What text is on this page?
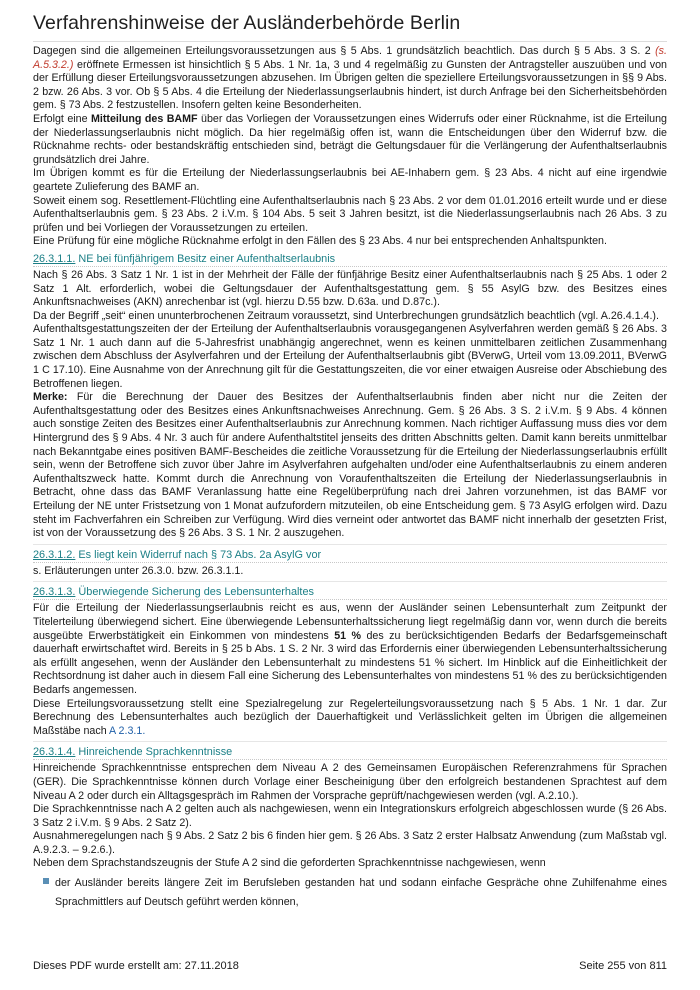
Verfahrenshinweise der Ausländerbehörde Berlin

Dagegen sind die allgemeinen Erteilungsvoraussetzungen aus § 5 Abs. 1 grundsätzlich beachtlich. Das durch § 5 Abs. 3 S. 2 (s. A.5.3.2.) eröffnete Ermessen ist hinsichtlich § 5 Abs. 1 Nr. 1a, 3 und 4 regelmäßig zu Gunsten der Antragsteller auszuüben und von der Erfüllung dieser Erteilungsvoraussetzungen abzusehen. Im Übrigen gelten die speziellere Erteilungsvoraussetzungen in §§ 9 Abs. 2 bzw. 26 Abs. 3 vor. Ob § 5 Abs. 4 die Erteilung der Niederlassungserlaubnis hindert, ist durch Anfrage bei den Sicherheitsbehörden gem. § 73 Abs. 2 festzustellen. Insofern gelten keine Besonderheiten.

Erfolgt eine Mitteilung des BAMF über das Vorliegen der Voraussetzungen eines Widerrufs oder einer Rücknahme, ist die Erteilung der Niederlassungserlaubnis nicht möglich. Da hier regelmäßig offen ist, wann die Entscheidungen über den Widerruf bzw. die Rücknahme rechts- oder bestandskräftig entschieden sind, beträgt die Geltungsdauer für die Verlängerung der Aufenthaltserlaubnis grundsätzlich drei Jahre.

Im Übrigen kommt es für die Erteilung der Niederlassungserlaubnis bei AE-Inhabern gem. § 23 Abs. 4 nicht auf eine irgendwie geartete Zulieferung des BAMF an.

Soweit einem sog. Resettlement-Flüchtling eine Aufenthaltserlaubnis nach § 23 Abs. 2 vor dem 01.01.2016 erteilt wurde und er diese Aufenthaltserlaubnis gem. § 23 Abs. 2 i.V.m. § 104 Abs. 5 seit 3 Jahren besitzt, ist die Niederlassungserlaubnis nach 26 Abs. 3 zu prüfen und bei Vorliegen der Voraussetzungen zu erteilen.

Eine Prüfung für eine mögliche Rücknahme erfolgt in den Fällen des § 23 Abs. 4 nur bei entsprechenden Anhaltspunkten.

26.3.1.1. NE bei fünfjährigem Besitz einer Aufenthaltserlaubnis

Nach § 26 Abs. 3 Satz 1 Nr. 1 ist in der Mehrheit der Fälle der fünfjährige Besitz einer Aufenthaltserlaubnis nach § 25 Abs. 1 oder 2 Satz 1 Alt. erforderlich, wobei die Geltungsdauer der Aufenthaltsgestattung gem. § 55 AsylG bzw. des Besitzes eines Ankunftsnachweises (AKN) anrechenbar ist (vgl. hierzu D.55 bzw. D.63a. und D.87c.).

Da der Begriff „seit“ einen ununterbrochenen Zeitraum voraussetzt, sind Unterbrechungen grundsätzlich beachtlich (vgl. A.26.4.1.4.).

Aufenthaltsgestattungszeiten der der Erteilung der Aufenthaltserlaubnis vorausgegangenen Asylverfahren werden gemäß § 26 Abs. 3 Satz 1 Nr. 1 auch dann auf die 5-Jahresfrist unabhängig angerechnet, wenn es keinen unmittelbaren zeitlichen Zusammenhang zwischen dem Abschluss der Asylverfahren und der Erteilung der Aufenthaltserlaubnis gibt (BVerwG, Urteil vom 13.09.2011, BVerwG 1 C 17.10). Eine Ausnahme von der Anrechnung gilt für die Gestattungszeiten, die vor einer etwaigen Ausreise oder Abschiebung des Betroffenen liegen.

Merke: Für die Berechnung der Dauer des Besitzes der Aufenthaltserlaubnis finden aber nicht nur die Zeiten der Aufenthaltsgestattung oder des Besitzes eines Ankunftsnachweises Anrechnung. Gem. § 26 Abs. 3 S. 2 i.V.m. § 9 Abs. 4 können auch sonstige Zeiten des Besitzes einer Aufenthaltserlaubnis zur Anrechnung kommen. Nach richtiger Auffassung muss dies vor dem Hintergrund des § 9 Abs. 4 Nr. 3 auch für andere Aufenthaltstitel jenseits des dritten Abschnitts gelten. Damit kann bereits unmittelbar nach Bekanntgabe eines positiven BAMF-Bescheides die zeitliche Voraussetzung für die Erteilung der Niederlassungserlaubnis erfüllt sein, wenn der Betroffene sich zuvor über Jahre im Asylverfahren aufgehalten und/oder eine Aufenthaltserlaubnis zu einem anderen Aufenthaltszweck hatte. Kommt durch die Anrechnung von Voraufenthaltszeiten die Erteilung der Niederlassungserlaubnis in Betracht, ohne dass das BAMF Veranlassung hatte eine Regelüberprüfung nach drei Jahren vorzunehmen, ist das BAMF vor Erteilung der NE unter Fristsetzung von 1 Monat aufzufordern mitzuteilen, ob eine Entscheidung gem. § 73 AsylG erfolgen wird. Dazu steht im Fachverfahren ein Schreiben zur Verfügung. Wird dies verneint oder antwortet das BAMF nicht innerhalb der gesetzten Frist, ist von der Voraussetzung des § 26 Abs. 3 S. 1 Nr. 2 auszugehen.

26.3.1.2. Es liegt kein Widerruf nach § 73 Abs. 2a AsylG vor

s. Erläuterungen unter 26.3.0. bzw. 26.3.1.1.

26.3.1.3. Überwiegende Sicherung des Lebensunterhaltes

Für die Erteilung der Niederlassungserlaubnis reicht es aus, wenn der Ausländer seinen Lebensunterhalt zum Zeitpunkt der Titelerteilung überwiegend sichert. Eine überwiegende Lebensunterhaltssicherung liegt regelmäßig dann vor, wenn durch die bereits ausgeübte Erwerbstätigkeit ein Einkommen von mindestens 51 % des zu berücksichtigenden Bedarfs der Bedarfsgemeinschaft dauerhaft erwirtschaftet wird. Bereits in § 25 b Abs. 1 S. 2 Nr. 3 wird das Erfordernis einer überwiegenden Lebensunterhaltssicherung als erfüllt angesehen, wenn der Ausländer den Lebensunterhalt zu mindestens 51 % sichert. Im Hinblick auf die Einheitlichkeit der Rechtsordnung ist daher auch in diesem Fall eine Sicherung des Lebensunterhaltes von mindestens 51 % des zu berücksichtigenden Bedarfs angemessen.

Diese Erteilungsvoraussetzung stellt eine Spezialregelung zur Regelerteilungsvoraussetzung nach § 5 Abs. 1 Nr. 1 dar. Zur Berechnung des Lebensunterhaltes auch bezüglich der Dauerhaftigkeit und Verlässlichkeit gelten im Übrigen die allgemeinen Maßstäbe nach A 2.3.1.

26.3.1.4. Hinreichende Sprachkenntnisse

Hinreichende Sprachkenntnisse entsprechen dem Niveau A 2 des Gemeinsamen Europäischen Referenzrahmens für Sprachen (GER). Die Sprachkenntnisse können durch Vorlage einer Bescheinigung über den erfolgreich bestandenen Sprachtest auf dem Niveau A 2 oder durch ein Alltagsgespräch im Rahmen der Vorsprache geprüft/nachgewiesen werden (vgl. A.2.10.).

Die Sprachkenntnisse nach A 2 gelten auch als nachgewiesen, wenn ein Integrationskurs erfolgreich abgeschlossen wurde (§ 26 Abs. 3 Satz 2 i.V.m. § 9 Abs. 2 Satz 2).

Ausnahmeregelungen nach § 9 Abs. 2 Satz 2 bis 6 finden hier gem. § 26 Abs. 3 Satz 2 erster Halbsatz Anwendung (zum Maßstab vgl. A.9.2.3. – 9.2.6.).

Neben dem Sprachstandszeugnis der Stufe A 2 sind die geforderten Sprachkenntnisse nachgewiesen, wenn

der Ausländer bereits längere Zeit im Berufsleben gestanden hat und sodann einfache Gespräche ohne Zuhilfenahme eines Sprachmittlers auf Deutsch geführt werden können,
Dieses PDF wurde erstellt am: 27.11.2018	Seite 255 von 811
